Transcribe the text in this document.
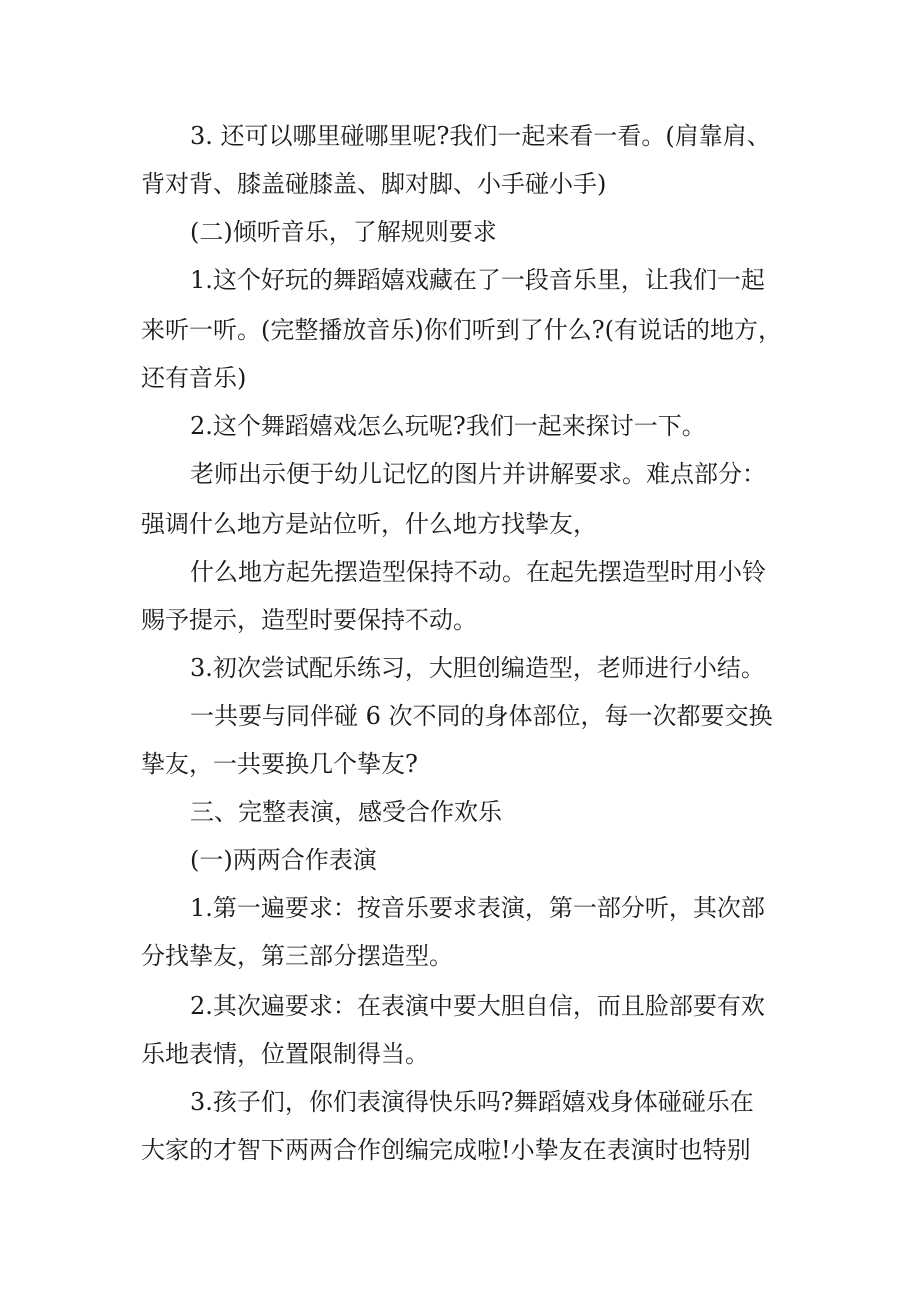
3. 还可以哪里碰哪里呢?我们一起来看一看。(肩靠肩、
背对背、膝盖碰膝盖、脚对脚、小手碰小手)
(二)倾听音乐，了解规则要求
1.这个好玩的舞蹈嬉戏藏在了一段音乐里，让我们一起
来听一听。(完整播放音乐)你们听到了什么?(有说话的地方，
还有音乐)
2.这个舞蹈嬉戏怎么玩呢?我们一起来探讨一下。
老师出示便于幼儿记忆的图片并讲解要求。难点部分：
强调什么地方是站位听，什么地方找挚友，
什么地方起先摆造型保持不动。在起先摆造型时用小铃
赐予提示，造型时要保持不动。
3.初次尝试配乐练习，大胆创编造型，老师进行小结。
一共要与同伴碰 6 次不同的身体部位，每一次都要交换
挚友，一共要换几个挚友?
三、完整表演，感受合作欢乐
(一)两两合作表演
1.第一遍要求：按音乐要求表演，第一部分听，其次部
分找挚友，第三部分摆造型。
2.其次遍要求：在表演中要大胆自信，而且脸部要有欢
乐地表情，位置限制得当。
3.孩子们，你们表演得快乐吗?舞蹈嬉戏身体碰碰乐在
大家的才智下两两合作创编完成啦!小挚友在表演时也特别
